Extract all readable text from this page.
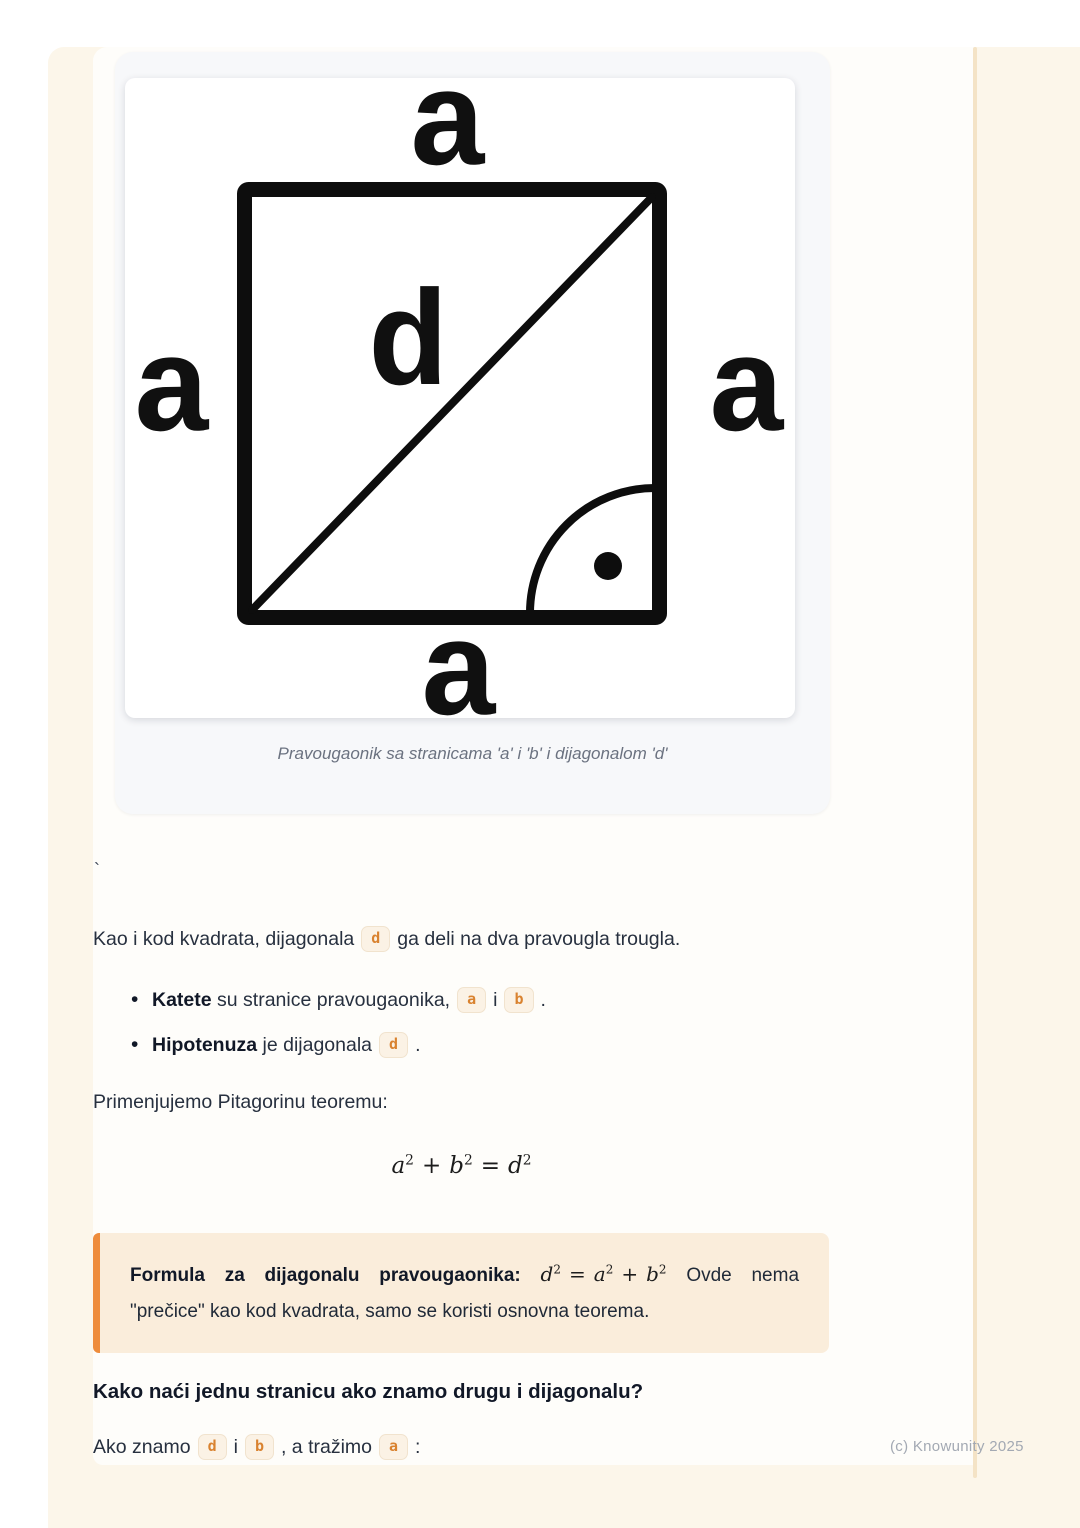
a
a	a
a
d
Pravougaonik sa stranicama 'a' i 'b' i dijagonalom 'd'
`

Kao i kod kvadrata, dijagonala d ga deli na dva pravougla trougla.

• Katete su stranice pravougaonika, a i b .
• Hipotenuza je dijagonala d .

Primenjujemo Pitagorinu teoremu:

$a^2 + b^2 = d^2$
Formula za dijagonalu pravougaonika: $d^2 = a^2 + b^2$ Ovde nema
"prečice" kao kod kvadrata, samo se koristi osnovna teorema.
Kako naći jednu stranicu ako znamo drugu i dijagonalu?

Ako znamo d i b , a tražimo a :	(c) Knowunity 2025
